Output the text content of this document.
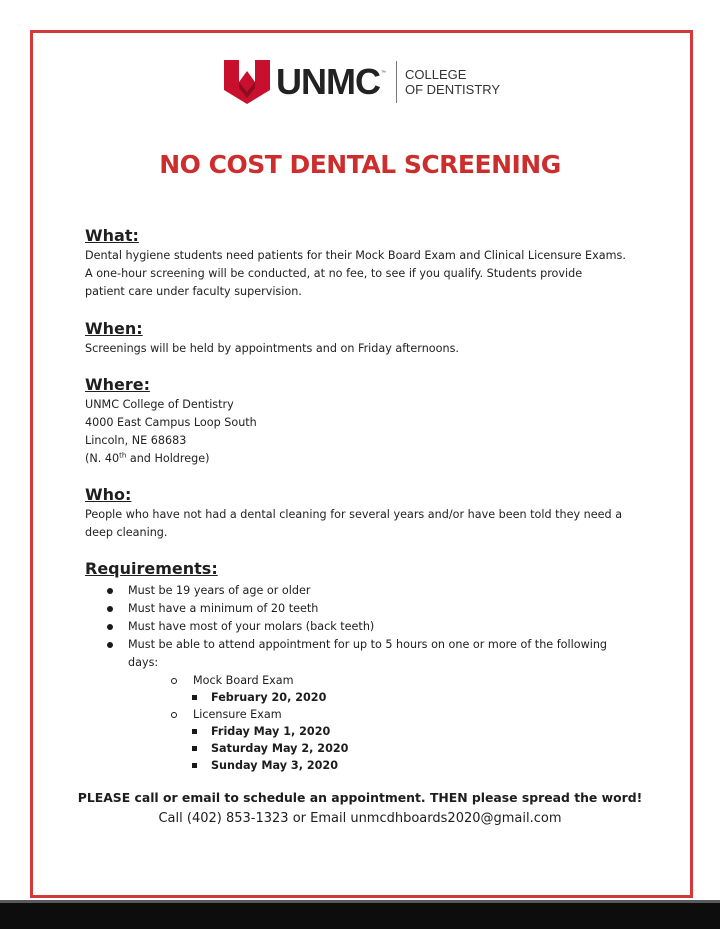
UNMC ™ COLLEGE
OF DENTISTRY
NO COST DENTAL SCREENING
What:
Dental hygiene students need patients for their Mock Board Exam and Clinical Licensure Exams.
A one-hour screening will be conducted, at no fee, to see if you qualify. Students provide
patient care under faculty supervision.
When:
Screenings will be held by appointments and on Friday afternoons.
Where:
UNMC College of Dentistry
4000 East Campus Loop South
Lincoln, NE 68683
(N. 40th and Holdrege)
Who:
People who have not had a dental cleaning for several years and/or have been told they need a
deep cleaning.
Requirements:
Must be 19 years of age or older
Must have a minimum of 20 teeth
Must have most of your molars (back teeth)
Must be able to attend appointment for up to 5 hours on one or more of the following
days:
Mock Board Exam
February 20, 2020
Licensure Exam
Friday May 1, 2020
Saturday May 2, 2020
Sunday May 3, 2020
PLEASE call or email to schedule an appointment. THEN please spread the word!
Call (402) 853-1323 or Email unmcdhboards2020@gmail.com
